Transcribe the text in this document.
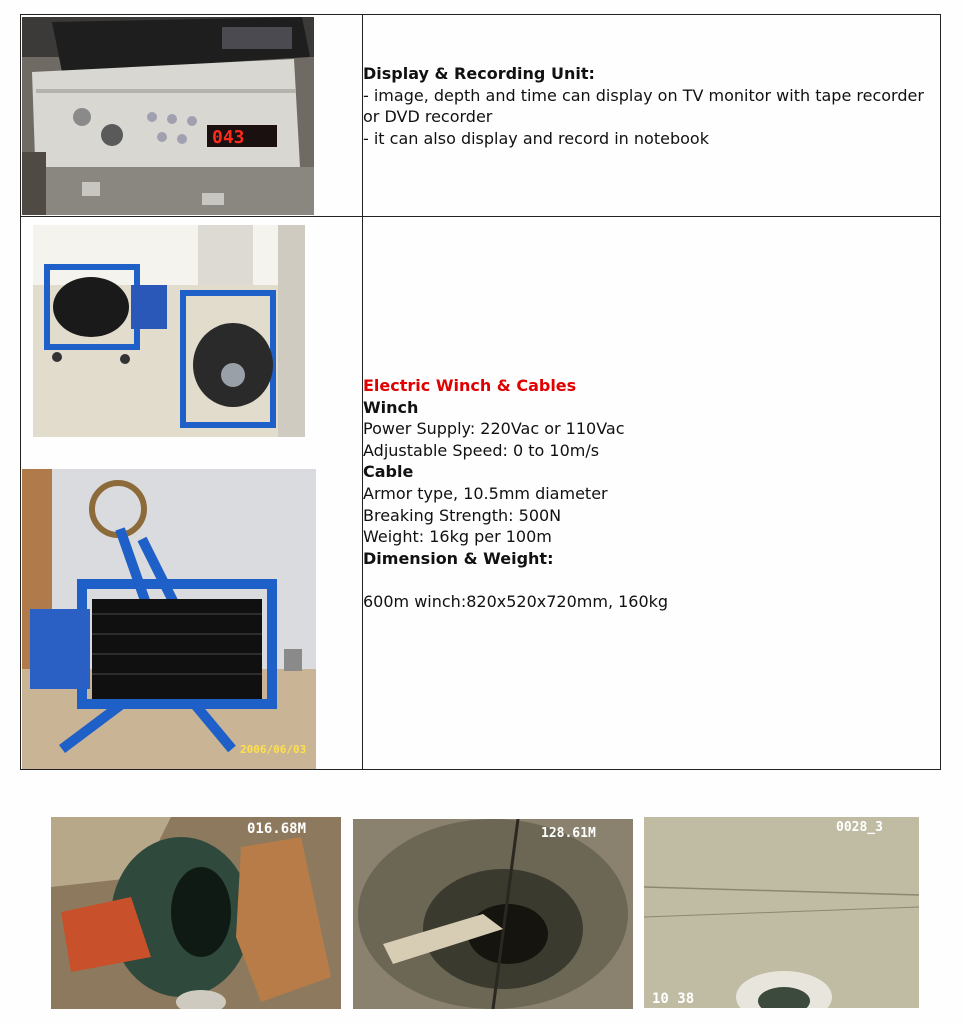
043
Display & Recording Unit:
- image, depth and time can display on TV monitor with tape recorder or DVD recorder
- it can also display and record in notebook
2006/06/03
Electric Winch & Cables
Winch
Power Supply: 220Vac or 110Vac
Adjustable Speed: 0 to 10m/s
Cable
Armor type, 10.5mm diameter
Breaking Strength: 500N
Weight: 16kg per 100m
Dimension & Weight:
600m winch:820x520x720mm, 160kg
016.68M	128.61M	0028_3
10 38
